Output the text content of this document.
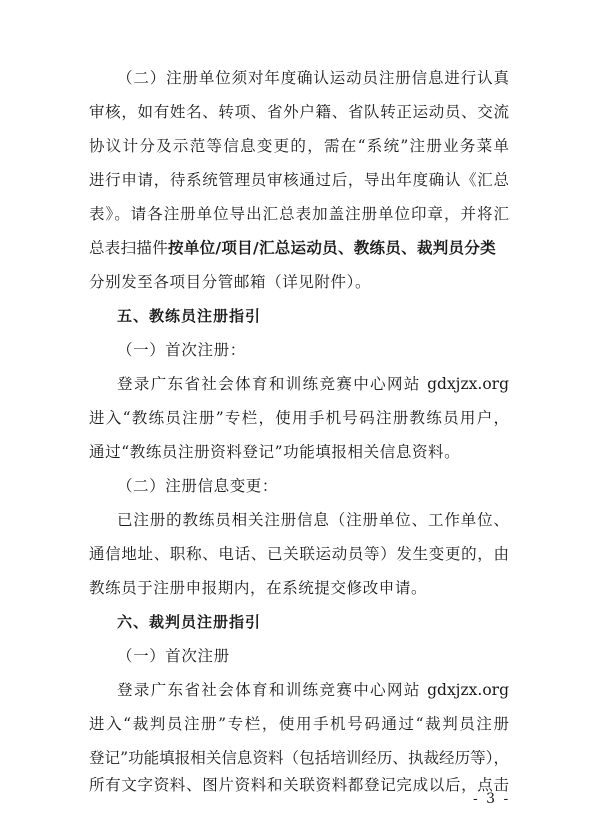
（二）注册单位须对年度确认运动员注册信息进行认真
审核，如有姓名、转项、省外户籍、省队转正运动员、交流
协议计分及示范等信息变更的，需在“系统”注册业务菜单
进行申请，待系统管理员审核通过后，导出年度确认《汇总
表》。请各注册单位导出汇总表加盖注册单位印章，并将汇
总表扫描件按单位/项目/汇总运动员、教练员、裁判员分类
分别发至各项目分管邮箱（详见附件）。
五、教练员注册指引
（一）首次注册：
登录广东省社会体育和训练竞赛中心网站 gdxjzx.org
进入“教练员注册”专栏，使用手机号码注册教练员用户，
通过“教练员注册资料登记”功能填报相关信息资料。
（二）注册信息变更：
已注册的教练员相关注册信息（注册单位、工作单位、
通信地址、职称、电话、已关联运动员等）发生变更的，由
教练员于注册申报期内，在系统提交修改申请。
六、裁判员注册指引
（一）首次注册
登录广东省社会体育和训练竞赛中心网站 gdxjzx.org
进入“裁判员注册”专栏，使用手机号码通过“裁判员注册
登记”功能填报相关信息资料（包括培训经历、执裁经历等），
所有文字资料、图片资料和关联资料都登记完成以后，点击
- 3 -
